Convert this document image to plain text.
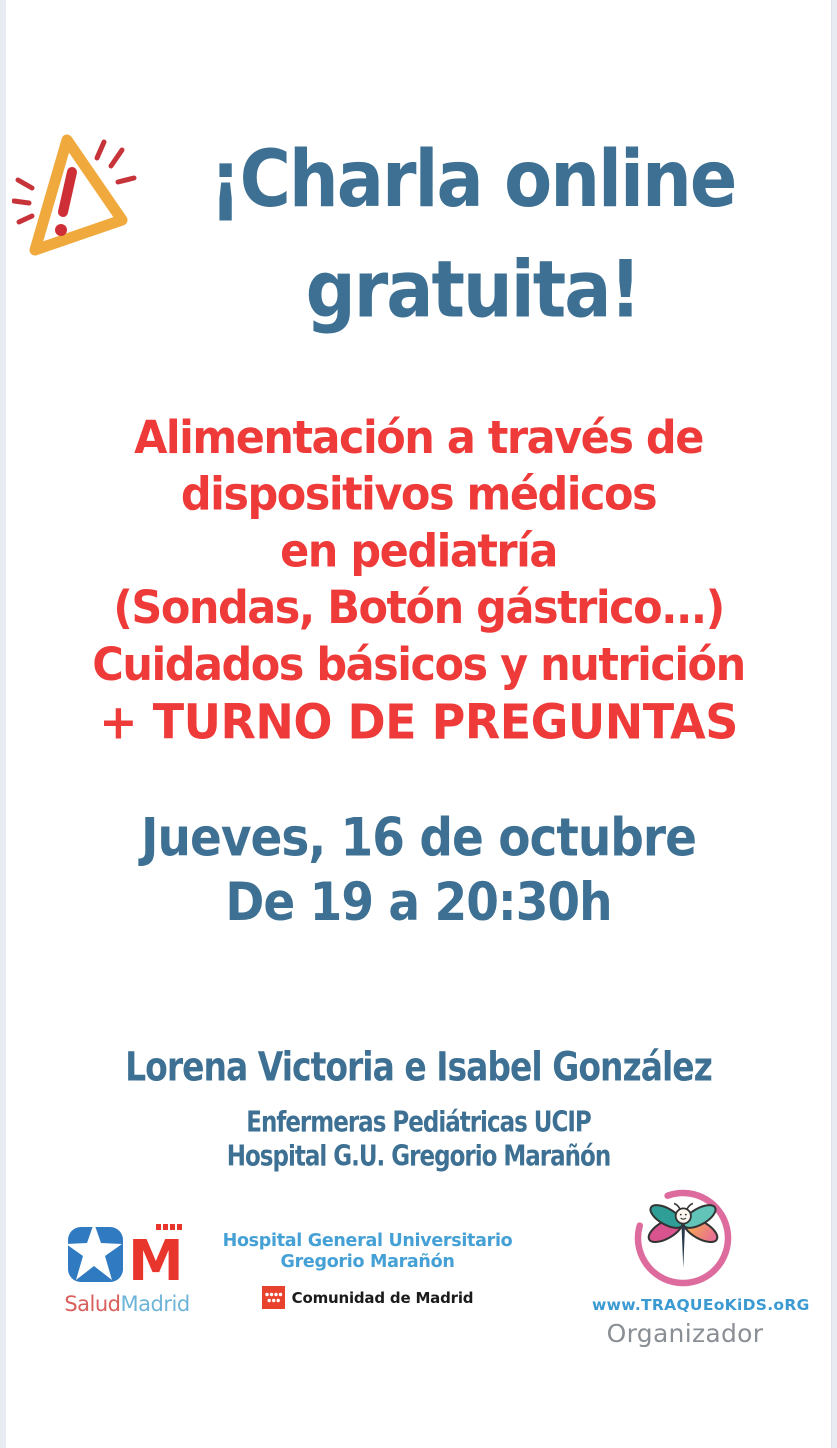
¡Charla online
gratuita!
Alimentación a través de
dispositivos médicos
en pediatría
(Sondas, Botón gástrico...)
Cuidados básicos y nutrición
+ TURNO DE PREGUNTAS
Jueves, 16 de octubre
De 19 a 20:30h
Lorena Victoria e Isabel González
Enfermeras Pediátricas UCIP
Hospital G.U. Gregorio Marañón
M
SaludMadrid
Hospital General Universitario
Gregorio Marañón
Comunidad de Madrid	www.TRAQUEoKiDS.oRG
Organizador
